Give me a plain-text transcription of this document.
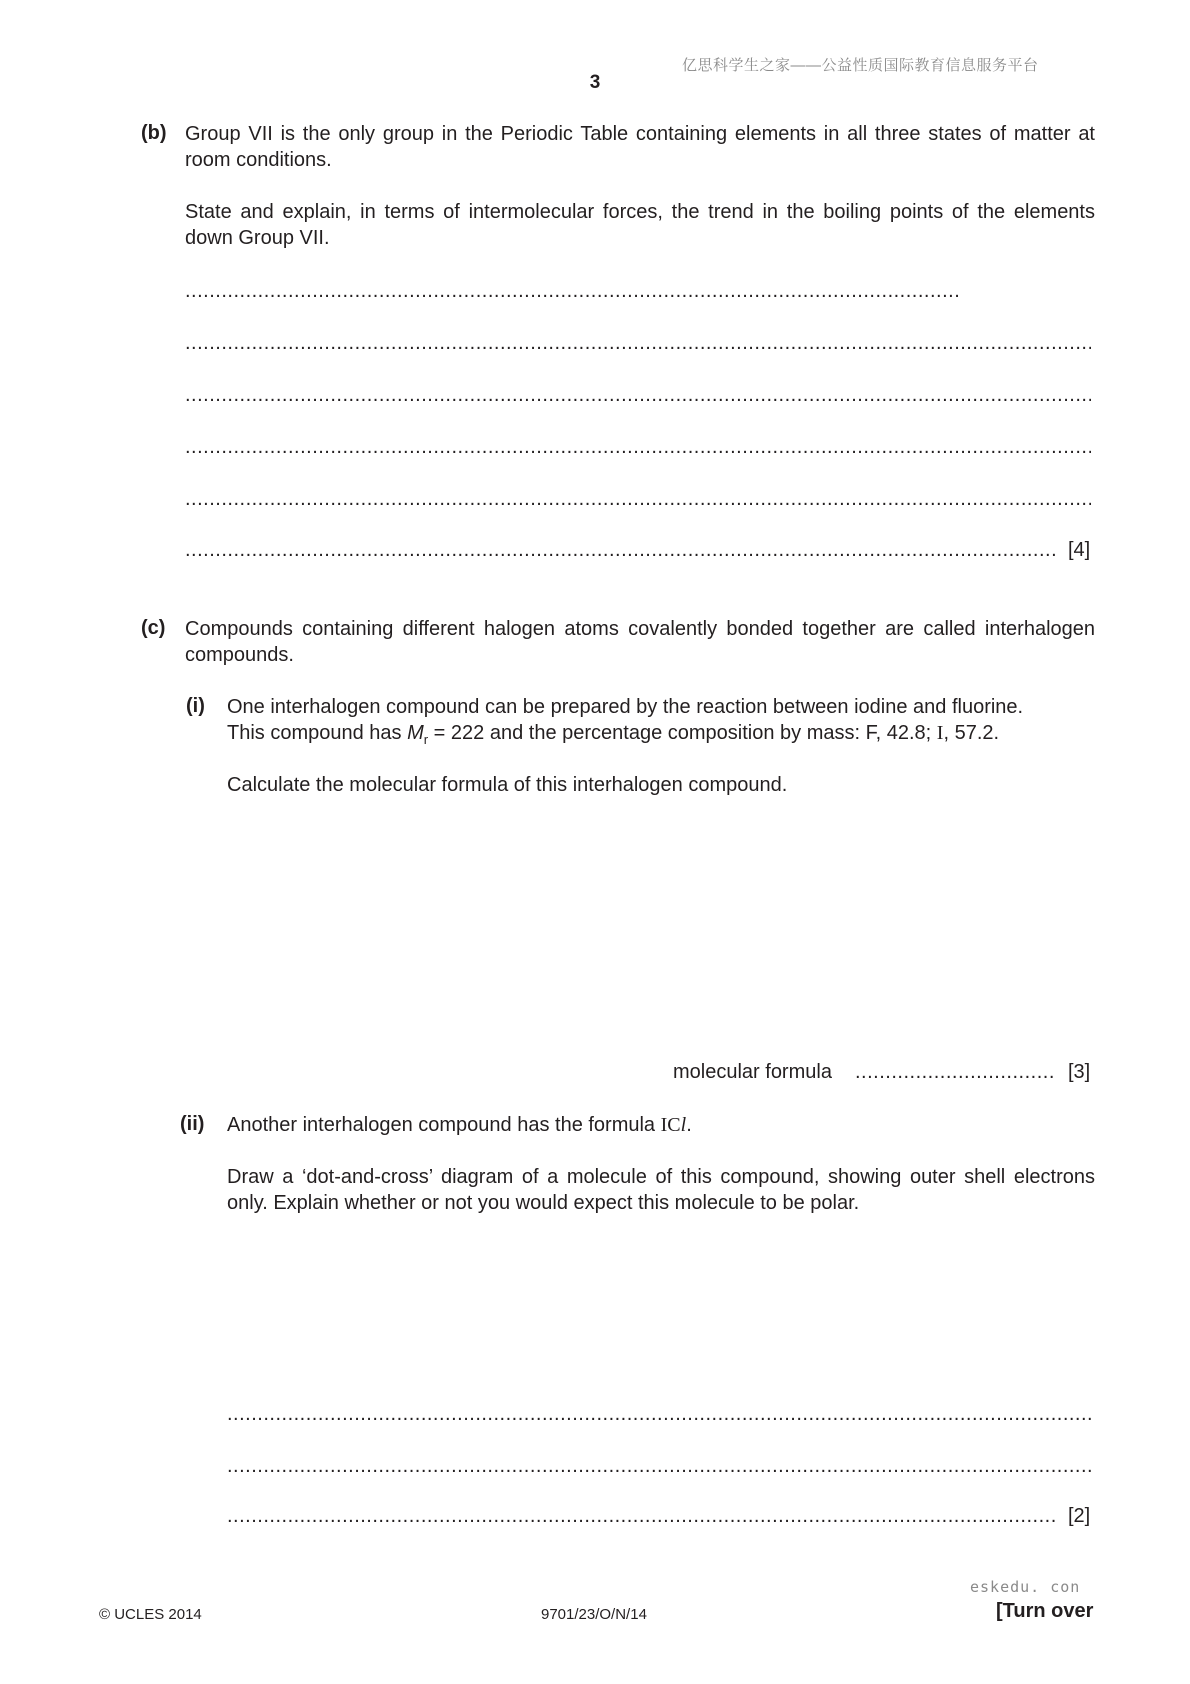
亿思科学生之家——公益性质国际教育信息服务平台
3
(b) Group VII is the only group in the Periodic Table containing elements in all three states of matter at room conditions.
State and explain, in terms of intermolecular forces, the trend in the boiling points of the elements down Group VII.
.....
.....
.....
.....
.....
.....
[4]
(c) Compounds containing different halogen atoms covalently bonded together are called interhalogen compounds.
(i) One interhalogen compound can be prepared by the reaction between iodine and fluorine.
This compound has $M_r = 222$ and the percentage composition by mass: F, 42.8; I, 57.2.
Calculate the molecular formula of this interhalogen compound.
molecular formula
.....	[3]
(ii) Another interhalogen compound has the formula ICl.
Draw a ‘dot-and-cross’ diagram of a molecule of this compound, showing outer shell electrons only. Explain whether or not you would expect this molecule to be polar.
.....
.....
.....
[2]
eskedu. con
© UCLES 2014	9701/23/O/N/14	[Turn over
